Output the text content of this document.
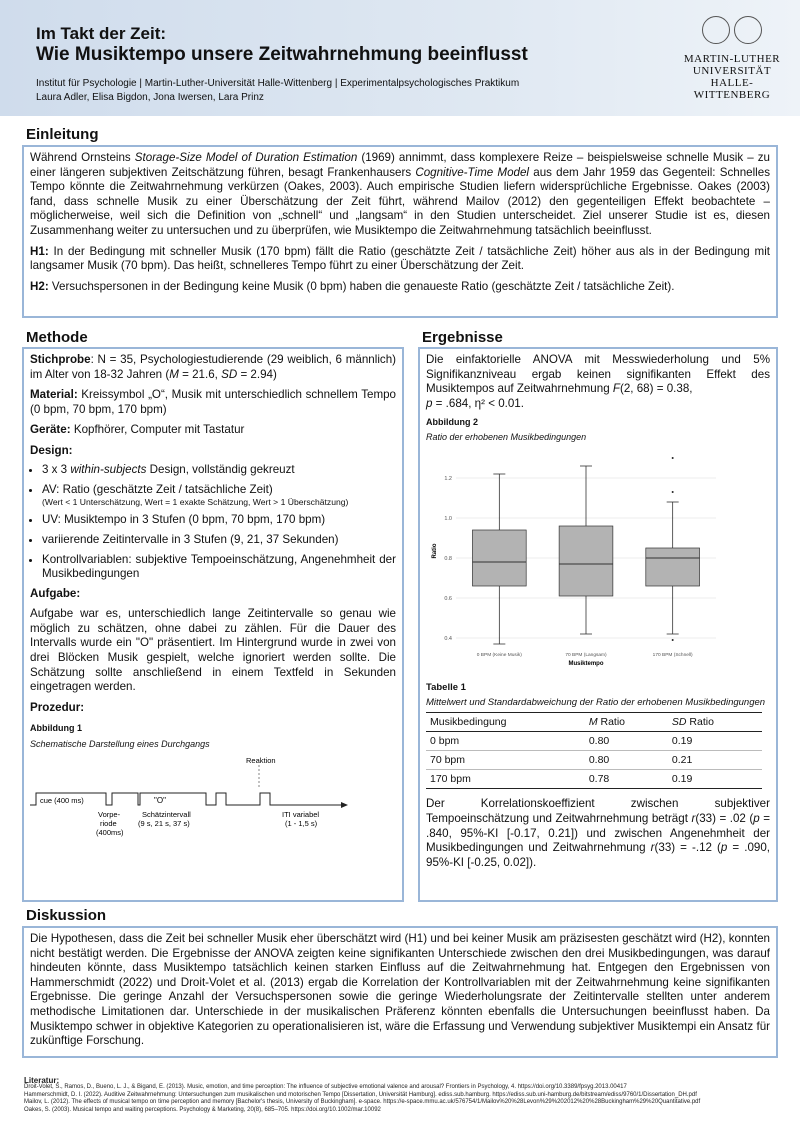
Im Takt der Zeit:
Wie Musiktempo unsere Zeitwahrnehmung beeinflusst
Institut für Psychologie | Martin-Luther-Universität Halle-Wittenberg | Experimentalpsychologisches Praktikum
Laura Adler, Elisa Bigdon, Jona Iwersen, Lara Prinz
MARTIN-LUTHER
UNIVERSITÄT
HALLE-WITTENBERG
Einleitung

Während Ornsteins Storage-Size Model of Duration Estimation (1969) annimmt, dass komplexere Reize – beispielsweise schnelle Musik – zu einer längeren subjektiven Zeitschätzung führen, besagt Frankenhausers Cognitive-Time Model aus dem Jahr 1959 das Gegenteil: Schnelles Tempo könnte die Zeitwahrnehmung verkürzen (Oakes, 2003). Auch empirische Studien liefern widersprüchliche Ergebnisse. Oakes (2003) fand, dass schnelle Musik zu einer Überschätzung der Zeit führt, während Mailov (2012) den gegenteiligen Effekt beobachtete – möglicherweise, weil sich die Definition von „schnell“ und „langsam“ in den Studien unterscheidet. Ziel unserer Studie ist es, diesen Zusammenhang weiter zu untersuchen und zu überprüfen, wie Musiktempo die Zeitwahrnehmung tatsächlich beeinflusst.

H1: In der Bedingung mit schneller Musik (170 bpm) fällt die Ratio (geschätzte Zeit / tatsächliche Zeit) höher aus als in der Bedingung mit langsamer Musik (70 bpm). Das heißt, schnelleres Tempo führt zu einer Überschätzung der Zeit.

H2: Versuchspersonen in der Bedingung keine Musik (0 bpm) haben die genaueste Ratio (geschätzte Zeit / tatsächliche Zeit).

Methode

Stichprobe: N = 35, Psychologiestudierende (29 weiblich, 6 männlich) im Alter von 18-32 Jahren (M = 21.6, SD = 2.94)

Material: Kreissymbol „O“, Musik mit unterschiedlich schnellem Tempo (0 bpm, 70 bpm, 170 bpm)

Geräte: Kopfhörer, Computer mit Tastatur

Design:

• 3 x 3 within-subjects Design, vollständig gekreuzt
• AV: Ratio (geschätzte Zeit / tatsächliche Zeit)
(Wert < 1 Unterschätzung, Wert = 1 exakte Schätzung, Wert > 1 Überschätzung)
• UV: Musiktempo in 3 Stufen (0 bpm, 70 bpm, 170 bpm)
• variierende Zeitintervalle in 3 Stufen (9, 21, 37 Sekunden)
• Kontrollvariablen: subjektive Tempoeinschätzung, Angenehmheit der Musikbedingungen

Aufgabe:

Aufgabe war es, unterschiedlich lange Zeitintervalle so genau wie möglich zu schätzen, ohne dabei zu zählen. Für die Dauer des Intervalls wurde ein "O" präsentiert. Im Hintergrund wurde in zwei von drei Blöcken Musik gespielt, welche ignoriert werden sollte. Die Schätzung sollte anschließend in einem Textfeld in Sekunden eingetragen werden.

Prozedur:

Abbildung 1
Schematische Darstellung eines Durchgangs
Reaktion
cue (400 ms)	"O"
Vorpe-
riode
(400ms)
Schätzintervall
(9 s, 21 s, 37 s)
ITI variabel
(1 - 1,5 s)
Ergebnisse

Die einfaktorielle ANOVA mit Messwiederholung und 5% Signifikanzniveau ergab keinen signifikanten Effekt des Musiktempos auf Zeitwahrnehmung F(2, 68) = 0.38,
p = .684, η² < 0.01.

Abbildung 2
Ratio der erhobenen Musikbedingungen
0.4
0.6
0.8
1.0
1.2
0 BPM (Keine Musik)	70 BPM (Langsam)	170 BPM (Schnell)
Musiktempo
Ratio
Tabelle 1
Mittelwert und Standardabweichung der Ratio der erhobenen Musikbedingungen
Musikbedingung	M Ratio	SD Ratio
0 bpm	0.80	0.19
70 bpm	0.80	0.21
170 bpm	0.78	0.19

Der Korrelationskoeffizient zwischen subjektiver Tempoeinschätzung und Zeitwahrnehmung beträgt r(33) = .02 (p = .840, 95%-KI [-0.17, 0.21]) und zwischen Angenehmheit der Musikbedingungen und Zeitwahrnehmung r(33) = -.12 (p = .090, 95%-KI [-0.25, 0.02]).

Diskussion

Die Hypothesen, dass die Zeit bei schneller Musik eher überschätzt wird (H1) und bei keiner Musik am präzisesten geschätzt wird (H2), konnten nicht bestätigt werden. Die Ergebnisse der ANOVA zeigten keine signifikanten Unterschiede zwischen den drei Musikbedingungen, was darauf hindeuten könnte, dass Musiktempo tatsächlich keinen starken Einfluss auf die Zeitwahrnehmung hat. Entgegen den Ergebnissen von Hammerschmidt (2022) und Droit-Volet et al. (2013) ergab die Korrelation der Kontrollvariablen mit der Zeitwahrnehmung keine signifikanten Ergebnisse. Die geringe Anzahl der Versuchspersonen sowie die geringe Wiederholungsrate der Zeitintervalle stellten unter anderem methodische Limitationen dar. Unterschiede in der musikalischen Präferenz könnten ebenfalls die Untersuchungen beeinflusst haben. Da Musiktempo schwer in objektive Kategorien zu operationalisieren ist, wäre die Erfassung und Verwendung subjektiver Musiktempi ein Ansatz für zukünftige Forschung.

Literatur:
Droit-Volet, S., Ramos, D., Bueno, L. J., & Bigand, E. (2013). Music, emotion, and time perception: The influence of subjective emotional valence and arousal? Frontiers in Psychology, 4. https://doi.org/10.3389/fpsyg.2013.00417
Hammerschmidt, D. I. (2022). Auditive Zeitwahrnehmung: Untersuchungen zum musikalischen und motorischen Tempo [Dissertation, Universität Hamburg]. ediss.sub.hamburg. https://ediss.sub.uni-hamburg.de/bitstream/ediss/9760/1/Dissertation_DH.pdf
Mailov, L. (2012). The effects of musical tempo on time perception and memory [Bachelor's thesis, University of Buckingham]. e-space. https://e-space.mmu.ac.uk/576754/1/Mailov%20%28Levon%29%202012%20%28Buckingham%29%20Quantitative.pdf
Oakes, S. (2003). Musical tempo and waiting perceptions. Psychology & Marketing, 20(8), 685–705. https://doi.org/10.1002/mar.10092
